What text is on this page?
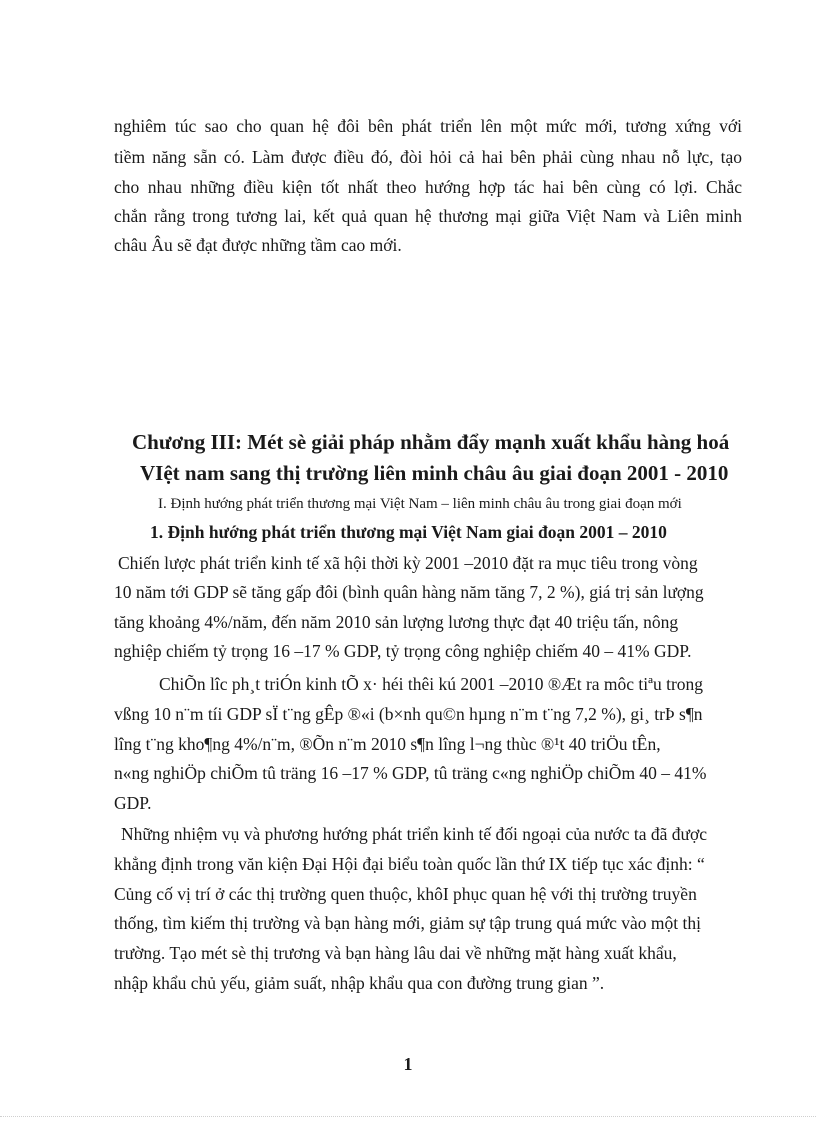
nghiêm túc sao cho quan hệ đôi bên phát triển lên một mức mới, tương xứng với
tiềm năng sẵn có. Làm được điều đó, đòi hỏi cả hai bên phải cùng nhau nỗ lực, tạo
cho nhau những điều kiện tốt nhất theo hướng hợp tác hai bên cùng có lợi. Chắc
chắn rằng trong tương lai, kết quả quan hệ thương mại giữa Việt Nam và Liên minh
châu Âu sẽ đạt được những tầm cao mới.
Chương III: Mét sè giải pháp nhằm đẩy mạnh xuất khẩu hàng hoá
VIệt nam sang thị trường liên minh châu âu giai đoạn 2001 - 2010
I. Định hướng phát triển thương mại Việt Nam – liên minh châu âu trong giai đoạn mới
1. Định hướng phát triển thương mại Việt Nam giai đoạn 2001 – 2010
Chiến lược phát triển kinh tế xã hội thời kỳ 2001 –2010 đặt ra mục tiêu trong vòng
10 năm tới GDP sẽ tăng gấp đôi (bình quân hàng năm tăng 7, 2 %), giá trị sản lượng
tăng khoảng 4%/năm, đến năm 2010 sản lượng lương thực đạt 40 triệu tấn, nông
nghiệp chiếm tỷ trọng 16 –17 % GDP, tỷ trọng công nghiệp chiếm 40 – 41% GDP.
ChiÕn lîc ph¸t triÓn kinh tÕ x· héi thêi kú 2001 –2010 ®Æt ra môc tiªu trong
vßng 10 n¨m tíi GDP sÏ t¨ng gÊp ®«i (b×nh qu©n hµng n¨m t¨ng 7,2 %), gi¸ trÞ s¶n
lîng t¨ng kho¶ng 4%/n¨m, ®Õn n¨m 2010 s¶n lîng l¬ng thùc ®¹t 40 triÖu tÊn,
n«ng nghiÖp chiÕm tû träng 16 –17 % GDP, tû träng c«ng nghiÖp chiÕm 40 – 41%
GDP.
Những nhiệm vụ và phương hướng phát triển kinh tế đối ngoại của nước ta đã được
khẳng định trong văn kiện Đại Hội đại biểu toàn quốc lần thứ IX tiếp tục xác định: “
Củng cố vị trí ở các thị trường quen thuộc, khôI phục quan hệ với thị trường truyền
thống, tìm kiếm thị trường và bạn hàng mới, giảm sự tập trung quá mức vào một thị
trường. Tạo mét sè thị trương và bạn hàng lâu dai về những mặt hàng xuất khẩu,
nhập khẩu chủ yếu, giảm suất, nhập khẩu qua con đường trung gian ”.
1
